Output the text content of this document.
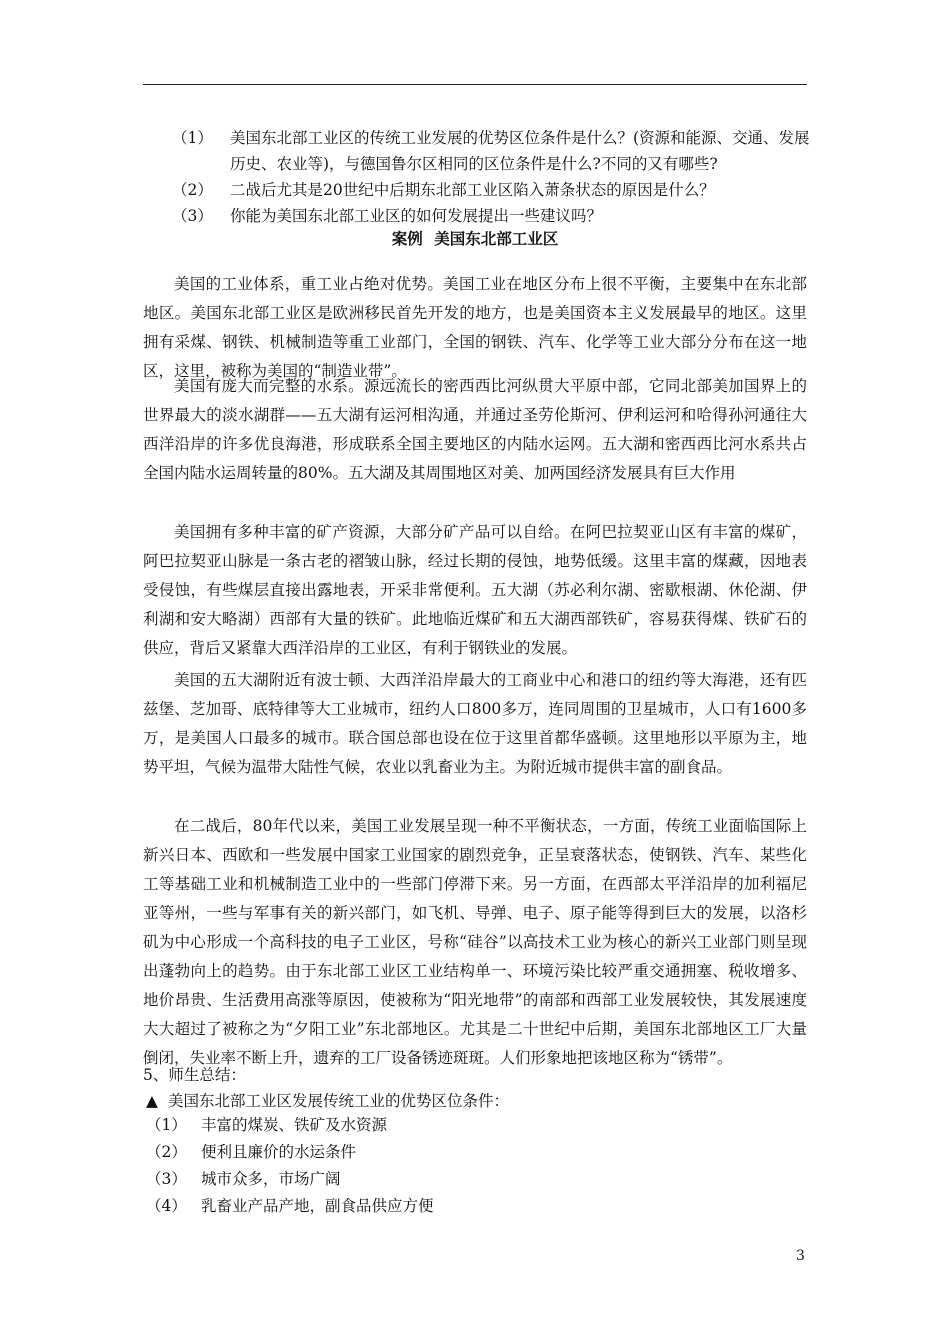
（1）	美国东北部工业区的传统工业发展的优势区位条件是什么？(资源和能源、交通、发展历史、农业等)，与德国鲁尔区相同的区位条件是什么?不同的又有哪些?
（2）	二战后尤其是20世纪中后期东北部工业区陷入萧条状态的原因是什么？
（3）	你能为美国东北部工业区的如何发展提出一些建议吗？
案例 美国东北部工业区

美国的工业体系，重工业占绝对优势。美国工业在地区分布上很不平衡，主要集中在东北部地区。美国东北部工业区是欧洲移民首先开发的地方，也是美国资本主义发展最早的地区。这里拥有采煤、钢铁、机械制造等重工业部门，全国的钢铁、汽车、化学等工业大部分分布在这一地区，这里，被称为美国的“制造业带”。

美国有庞大而完整的水系。源远流长的密西西比河纵贯大平原中部，它同北部美加国界上的世界最大的淡水湖群——五大湖有运河相沟通，并通过圣劳伦斯河、伊利运河和哈得孙河通往大西洋沿岸的许多优良海港，形成联系全国主要地区的内陆水运网。五大湖和密西西比河水系共占全国内陆水运周转量的80%。五大湖及其周围地区对美、加两国经济发展具有巨大作用

美国拥有多种丰富的矿产资源，大部分矿产品可以自给。在阿巴拉契亚山区有丰富的煤矿，阿巴拉契亚山脉是一条古老的褶皱山脉，经过长期的侵蚀，地势低缓。这里丰富的煤藏，因地表受侵蚀，有些煤层直接出露地表，开采非常便利。五大湖（苏必利尔湖、密歇根湖、休伦湖、伊利湖和安大略湖）西部有大量的铁矿。此地临近煤矿和五大湖西部铁矿，容易获得煤、铁矿石的供应，背后又紧靠大西洋沿岸的工业区，有利于钢铁业的发展。

美国的五大湖附近有波士顿、大西洋沿岸最大的工商业中心和港口的纽约等大海港，还有匹兹堡、芝加哥、底特律等大工业城市，纽约人口800多万，连同周围的卫星城市，人口有1600多万，是美国人口最多的城市。联合国总部也设在位于这里首都华盛顿。这里地形以平原为主，地势平坦，气候为温带大陆性气候，农业以乳畜业为主。为附近城市提供丰富的副食品。

在二战后，80年代以来，美国工业发展呈现一种不平衡状态，一方面，传统工业面临国际上新兴日本、西欧和一些发展中国家工业国家的剧烈竞争，正呈衰落状态，使钢铁、汽车、某些化工等基础工业和机械制造工业中的一些部门停滞下来。另一方面，在西部太平洋沿岸的加利福尼亚等州，一些与军事有关的新兴部门，如飞机、导弹、电子、原子能等得到巨大的发展，以洛杉矶为中心形成一个高科技的电子工业区，号称“硅谷”以高技术工业为核心的新兴工业部门则呈现出蓬勃向上的趋势。由于东北部工业区工业结构单一、环境污染比较严重交通拥塞、税收增多、地价昂贵、生活费用高涨等原因，使被称为“阳光地带”的南部和西部工业发展较快，其发展速度大大超过了被称之为“夕阳工业”东北部地区。尤其是二十世纪中后期，美国东北部地区工厂大量倒闭，失业率不断上升，遗弃的工厂设备锈迹斑斑。人们形象地把该地区称为“锈带”。

5、师生总结：
▲ 美国东北部工业区发展传统工业的优势区位条件：
（1） 丰富的煤炭、铁矿及水资源
（2） 便利且廉价的水运条件
（3） 城市众多，市场广阔
（4） 乳畜业产品产地，副食品供应方便
3
